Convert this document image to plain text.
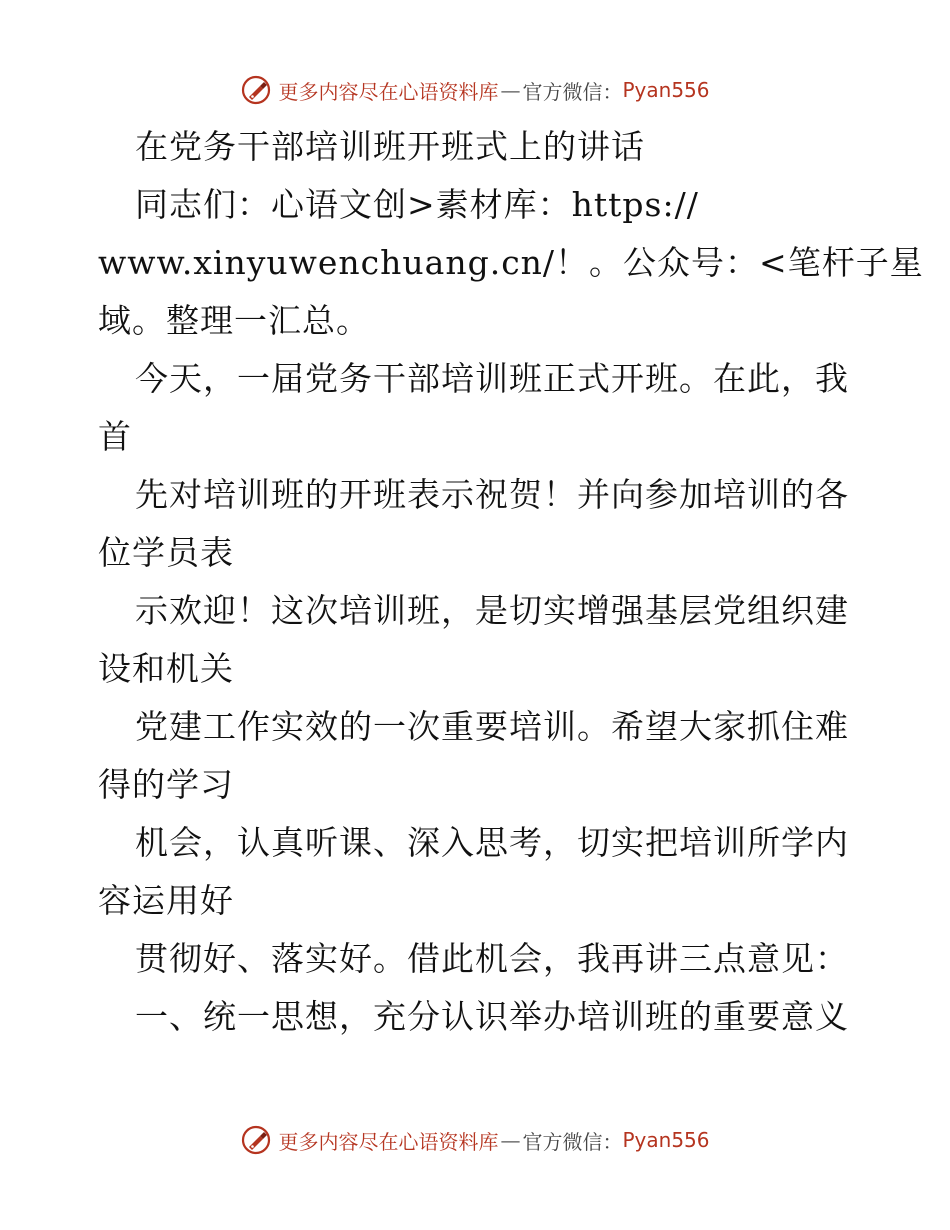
更多内容尽在心语资料库 — 官方微信： Pyan556
在党务干部培训班开班式上的讲话
同志们：心语文创>素材库：https://
www.xinyuwenchuang.cn/！。公众号：<笔杆子星
域。整理一汇总。
今天，一届党务干部培训班正式开班。在此，我
首
先对培训班的开班表示祝贺！并向参加培训的各
位学员表
示欢迎！这次培训班，是切实增强基层党组织建
设和机关
党建工作实效的一次重要培训。希望大家抓住难
得的学习
机会，认真听课、深入思考，切实把培训所学内
容运用好
贯彻好、落实好。借此机会，我再讲三点意见：
一、统一思想，充分认识举办培训班的重要意义
更多内容尽在心语资料库 — 官方微信： Pyan556
